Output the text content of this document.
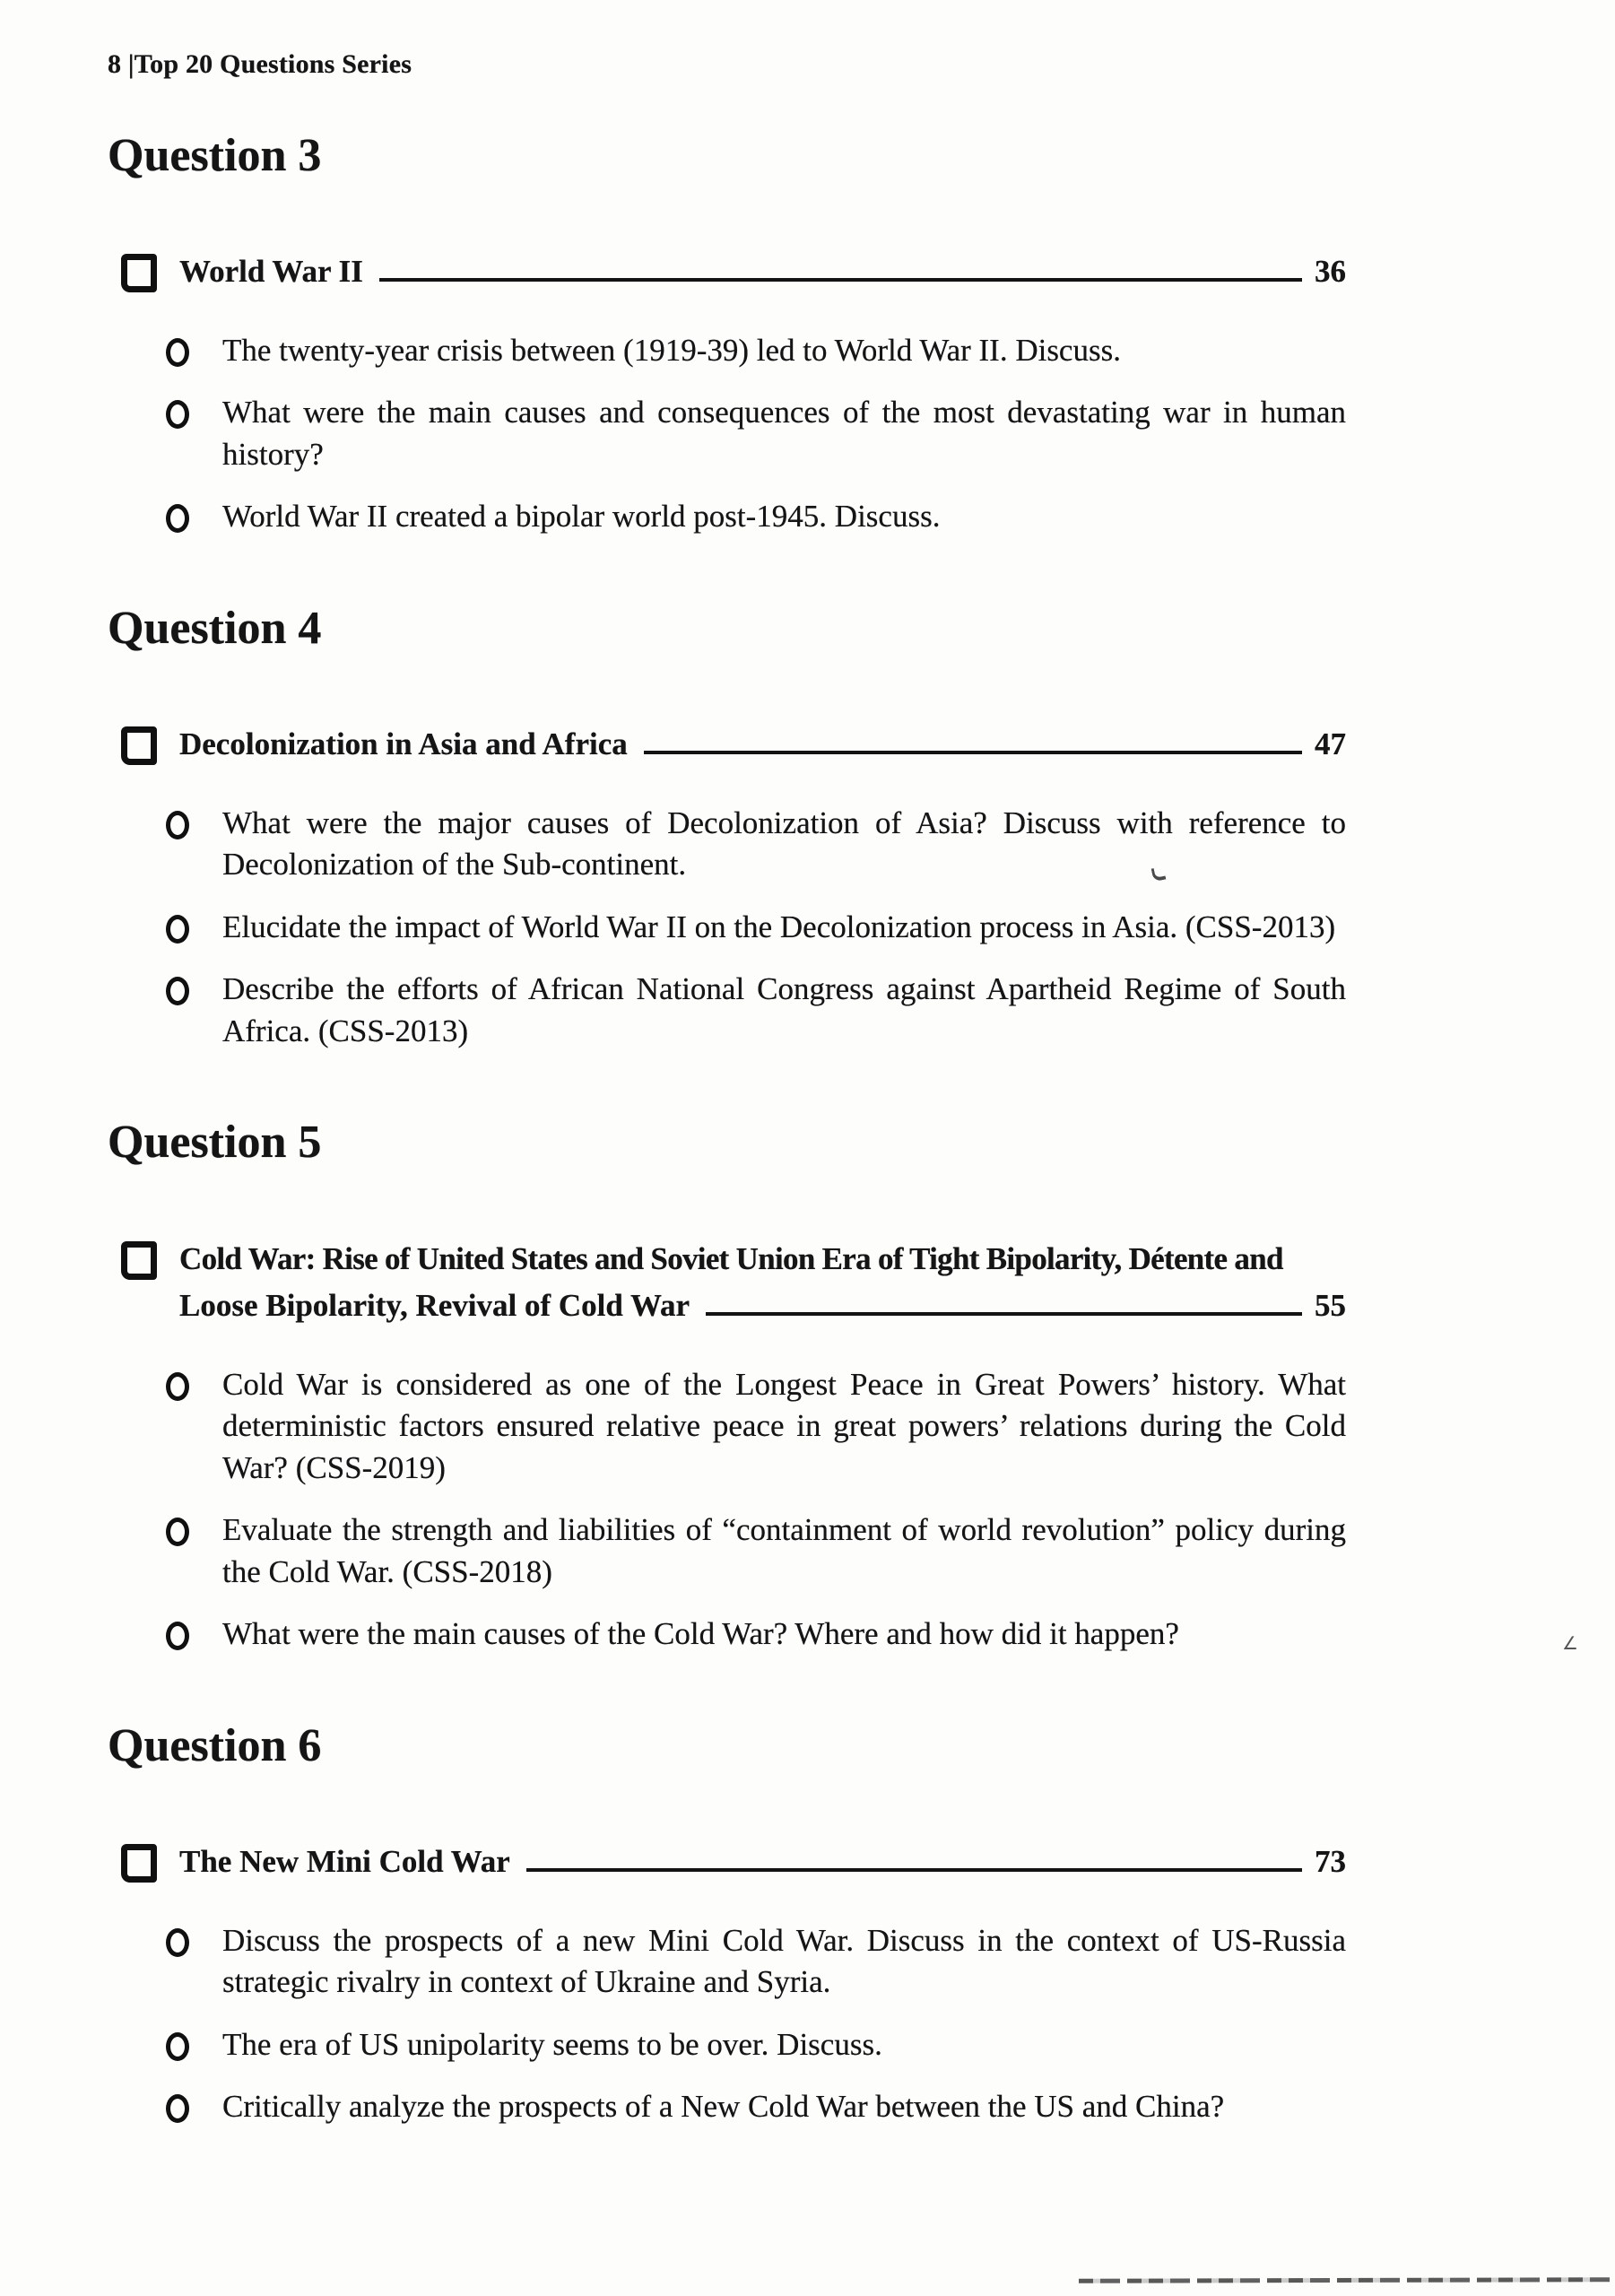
8 |Top 20 Questions Series
Question 3
World War II	36

The twenty-year crisis between (1919-39) led to World War II. Discuss.

What were the main causes and consequences of the most devastating war in human history?

World War II created a bipolar world post-1945. Discuss.

Question 4
Decolonization in Asia and Africa	47

What were the major causes of Decolonization of Asia? Discuss with reference to Decolonization of the Sub-continent.

Elucidate the impact of World War II on the Decolonization process in Asia. (CSS-2013)

Describe the efforts of African National Congress against Apartheid Regime of South Africa. (CSS-2013)

Question 5
Cold War: Rise of United States and Soviet Union Era of Tight Bipolarity, Détente and
Loose Bipolarity, Revival of Cold War	55

Cold War is considered as one of the Longest Peace in Great Powers’ history. What deterministic factors ensured relative peace in great powers’ relations during the Cold War? (CSS-2019)

Evaluate the strength and liabilities of “containment of world revolution” policy during the Cold War. (CSS-2018)

What were the main causes of the Cold War? Where and how did it happen?

Question 6
The New Mini Cold War	73

Discuss the prospects of a new Mini Cold War. Discuss in the context of US-Russia strategic rivalry in context of Ukraine and Syria.

The era of US unipolarity seems to be over. Discuss.

Critically analyze the prospects of a New Cold War between the US and China?

∠
